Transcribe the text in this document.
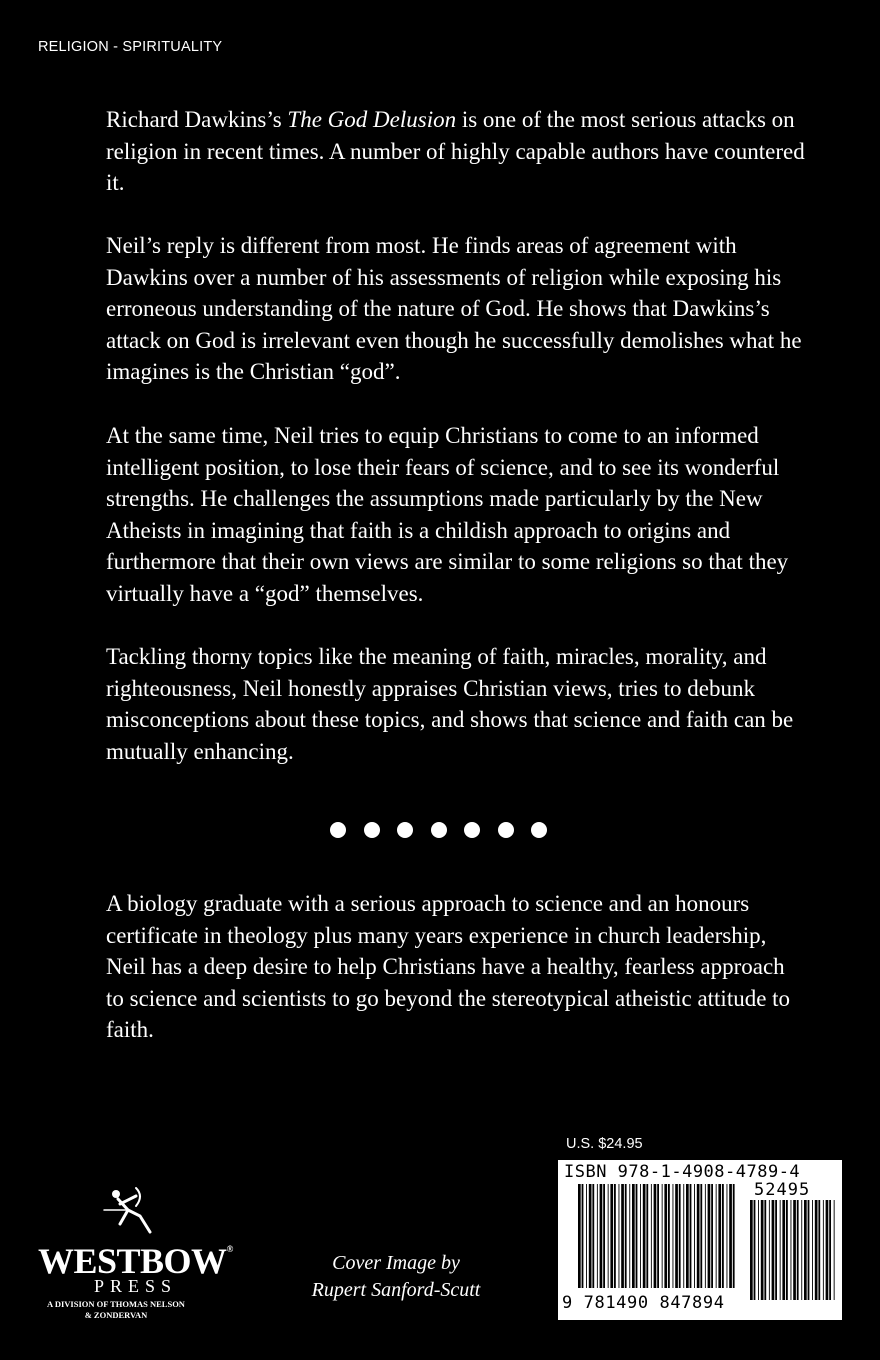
RELIGION - SPIRITUALITY

Richard Dawkins’s The God Delusion is one of the most serious attacks on religion in recent times. A number of highly capable authors have countered it.

Neil’s reply is different from most. He finds areas of agreement with Dawkins over a number of his assessments of religion while exposing his erroneous understanding of the nature of God. He shows that Dawkins’s attack on God is irrelevant even though he successfully demolishes what he imagines is the Christian “god”.

At the same time, Neil tries to equip Christians to come to an informed intelligent position, to lose their fears of science, and to see its wonderful strengths. He challenges the assumptions made particularly by the New Atheists in imagining that faith is a childish approach to origins and furthermore that their own views are similar to some religions so that they virtually have a “god” themselves.

Tackling thorny topics like the meaning of faith, miracles, morality, and righteousness, Neil honestly appraises Christian views, tries to debunk misconceptions about these topics, and shows that science and faith can be mutually enhancing.

A biology graduate with a serious approach to science and an honours certificate in theology plus many years experience in church leadership, Neil has a deep desire to help Christians have a healthy, fearless approach to science and scientists to go beyond the stereotypical atheistic attitude to faith.

U.S. $24.95
ISBN 978-1-4908-4789-4
52495
9 781490 847894
WESTBOW®
PRESS
A DIVISION OF THOMAS NELSON
& ZONDERVAN
Cover Image by
Rupert Sanford-Scutt
